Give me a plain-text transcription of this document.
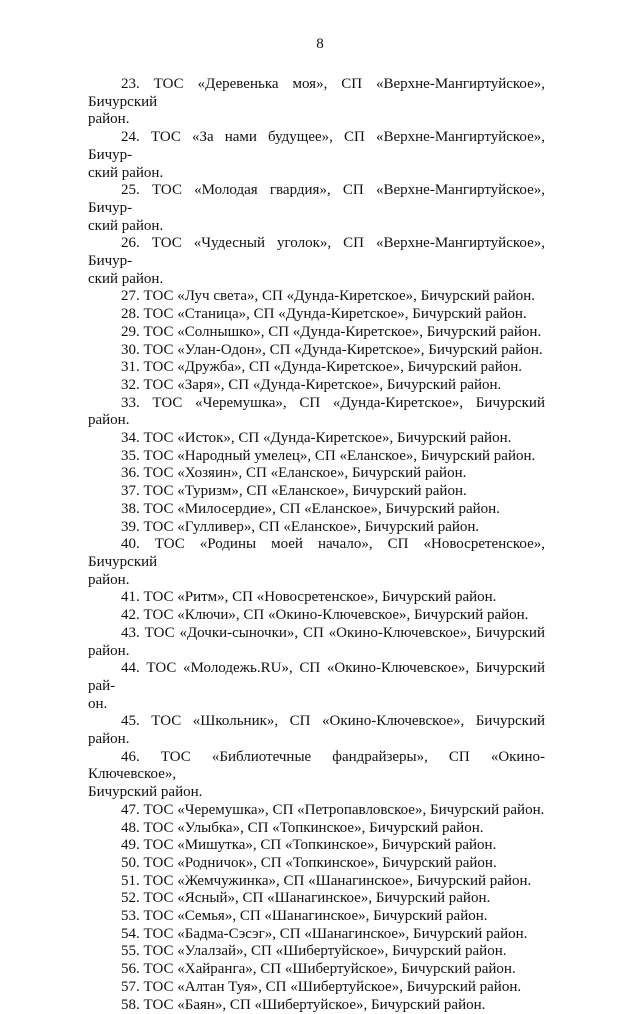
8

23. ТОС «Деревенька моя», СП «Верхне-Мангиртуйское», Бичурский
район.

24. ТОС «За нами будущее», СП «Верхне-Мангиртуйское», Бичур-
ский район.

25. ТОС «Молодая гвардия», СП «Верхне-Мангиртуйское», Бичур-
ский район.

26. ТОС «Чудесный уголок», СП «Верхне-Мангиртуйское», Бичур-
ский район.

27. ТОС «Луч света», СП «Дунда-Киретское», Бичурский район.

28. ТОС «Станица», СП «Дунда-Киретское», Бичурский район.

29. ТОС «Солнышко», СП «Дунда-Киретское», Бичурский район.

30. ТОС «Улан-Одон», СП «Дунда-Киретское», Бичурский район.

31. ТОС «Дружба», СП «Дунда-Киретское», Бичурский район.

32. ТОС «Заря», СП «Дунда-Киретское», Бичурский район.

33. ТОС «Черемушка», СП «Дунда-Киретское», Бичурский район.

34. ТОС «Исток», СП «Дунда-Киретское», Бичурский район.

35. ТОС «Народный умелец», СП «Еланское», Бичурский район.

36. ТОС «Хозяин», СП «Еланское», Бичурский район.

37. ТОС «Туризм», СП «Еланское», Бичурский район.

38. ТОС «Милосердие», СП «Еланское», Бичурский район.

39. ТОС «Гулливер», СП «Еланское», Бичурский район.

40. ТОС «Родины моей начало», СП «Новосретенское», Бичурский
район.

41. ТОС «Ритм», СП «Новосретенское», Бичурский район.

42. ТОС «Ключи», СП «Окино-Ключевское», Бичурский район.

43. ТОС «Дочки-сыночки», СП «Окино-Ключевское», Бичурский
район.

44. ТОС «Молодежь.RU», СП «Окино-Ключевское», Бичурский рай-
он.

45. ТОС «Школьник», СП «Окино-Ключевское», Бичурский район.

46. ТОС «Библиотечные фандрайзеры», СП «Окино-Ключевское»,
Бичурский район.

47. ТОС «Черемушка», СП «Петропавловское», Бичурский район.

48. ТОС «Улыбка», СП «Топкинское», Бичурский район.

49. ТОС «Мишутка», СП «Топкинское», Бичурский район.

50. ТОС «Родничок», СП «Топкинское», Бичурский район.

51. ТОС «Жемчужинка», СП «Шанагинское», Бичурский район.

52. ТОС «Ясный», СП «Шанагинское», Бичурский район.

53. ТОС «Семья», СП «Шанагинское», Бичурский район.

54. ТОС «Бадма-Сэсэг», СП «Шанагинское», Бичурский район.

55. ТОС «Улалзай», СП «Шибертуйское», Бичурский район.

56. ТОС «Хайранга», СП «Шибертуйское», Бичурский район.

57. ТОС «Алтан Туя», СП «Шибертуйское», Бичурский район.

58. ТОС «Баян», СП «Шибертуйское», Бичурский район.
